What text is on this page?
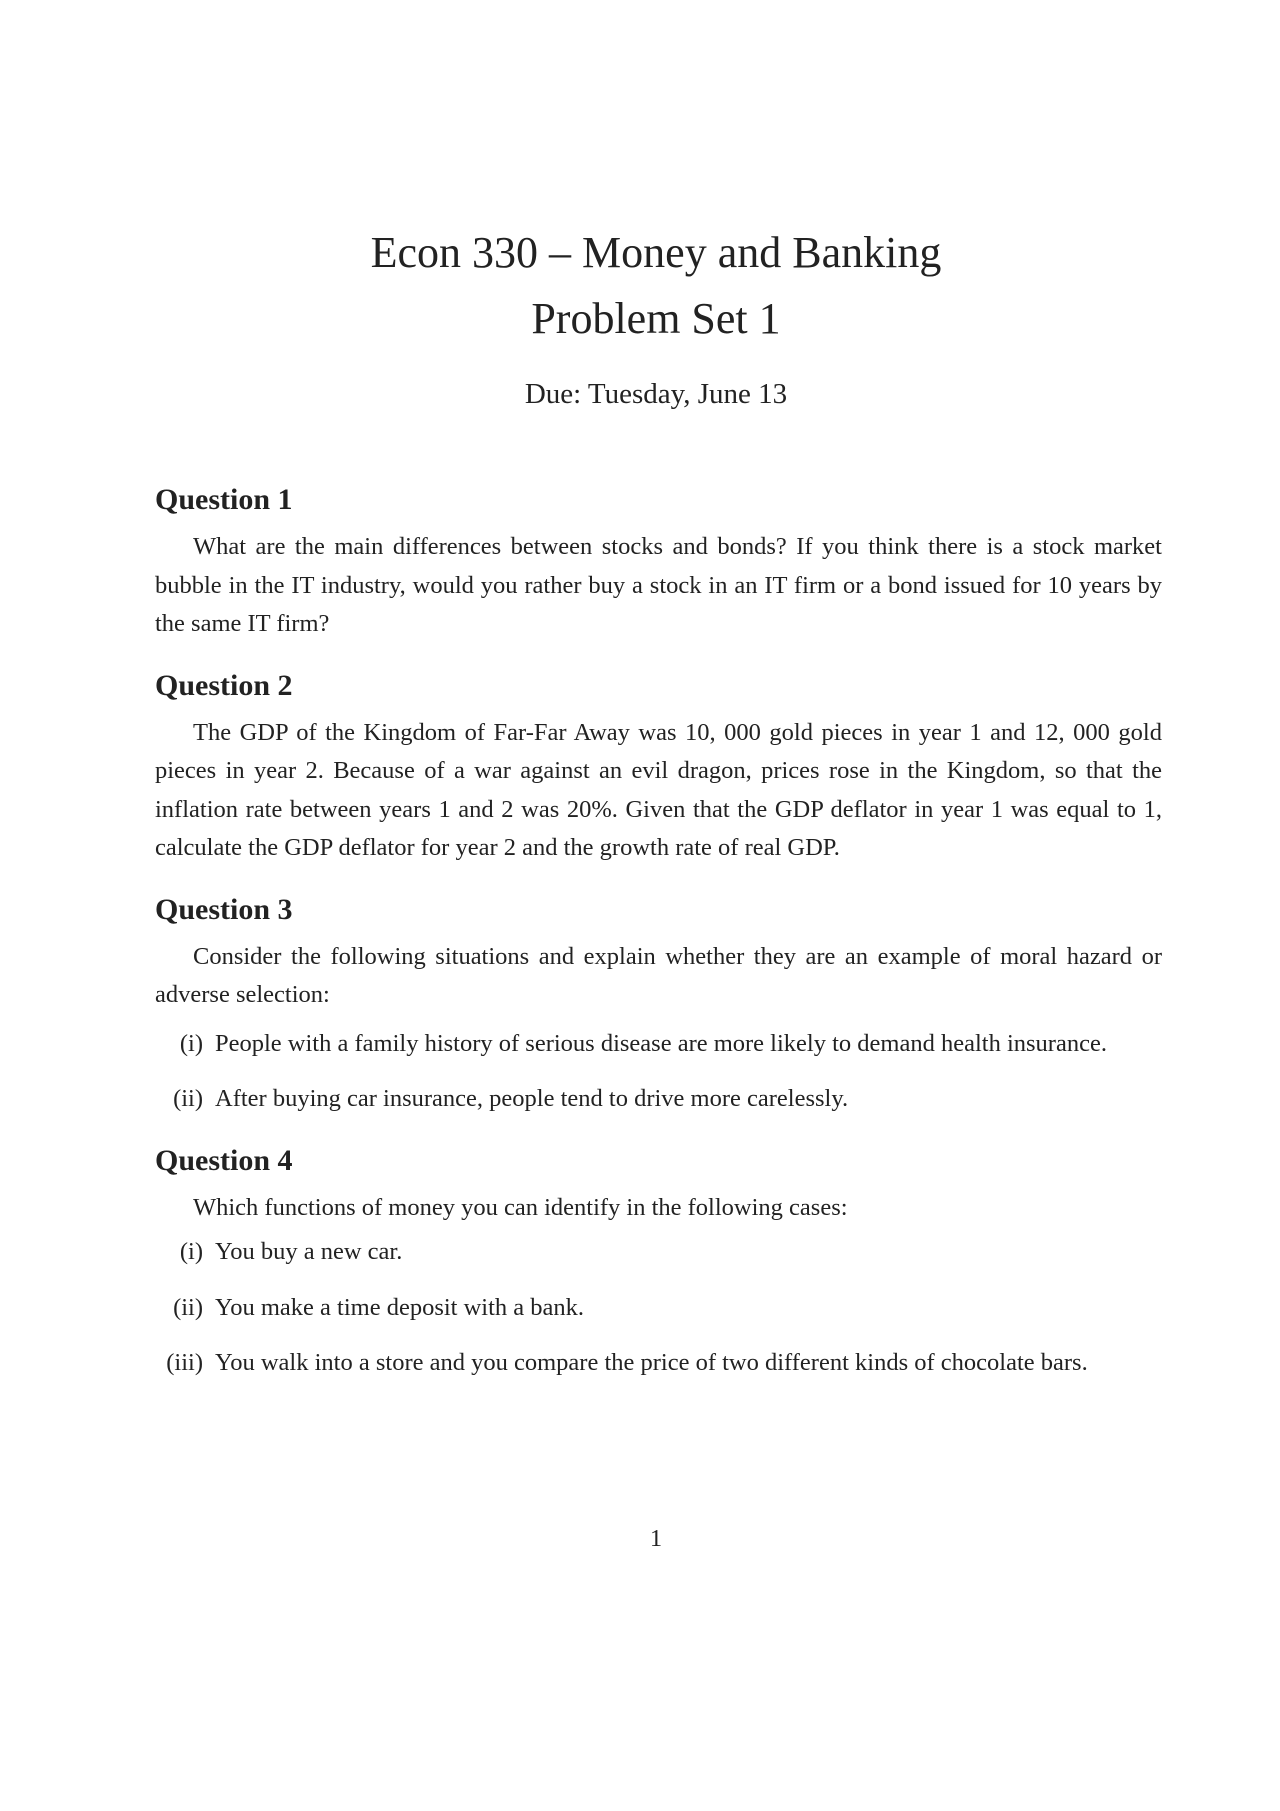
Econ 330 – Money and Banking
Problem Set 1
Due: Tuesday, June 13
Question 1

What are the main differences between stocks and bonds? If you think there is a stock market bubble in the IT industry, would you rather buy a stock in an IT firm or a bond issued for 10 years by the same IT firm?

Question 2

The GDP of the Kingdom of Far-Far Away was 10, 000 gold pieces in year 1 and 12, 000 gold pieces in year 2. Because of a war against an evil dragon, prices rose in the Kingdom, so that the inflation rate between years 1 and 2 was 20%. Given that the GDP deflator in year 1 was equal to 1, calculate the GDP deflator for year 2 and the growth rate of real GDP.

Question 3

Consider the following situations and explain whether they are an example of moral hazard or adverse selection:

(i) People with a family history of serious disease are more likely to demand health insurance.
(ii) After buying car insurance, people tend to drive more carelessly.
Question 4

Which functions of money you can identify in the following cases:

(i) You buy a new car.
(ii) You make a time deposit with a bank.
(iii) You walk into a store and you compare the price of two different kinds of chocolate bars.
1
